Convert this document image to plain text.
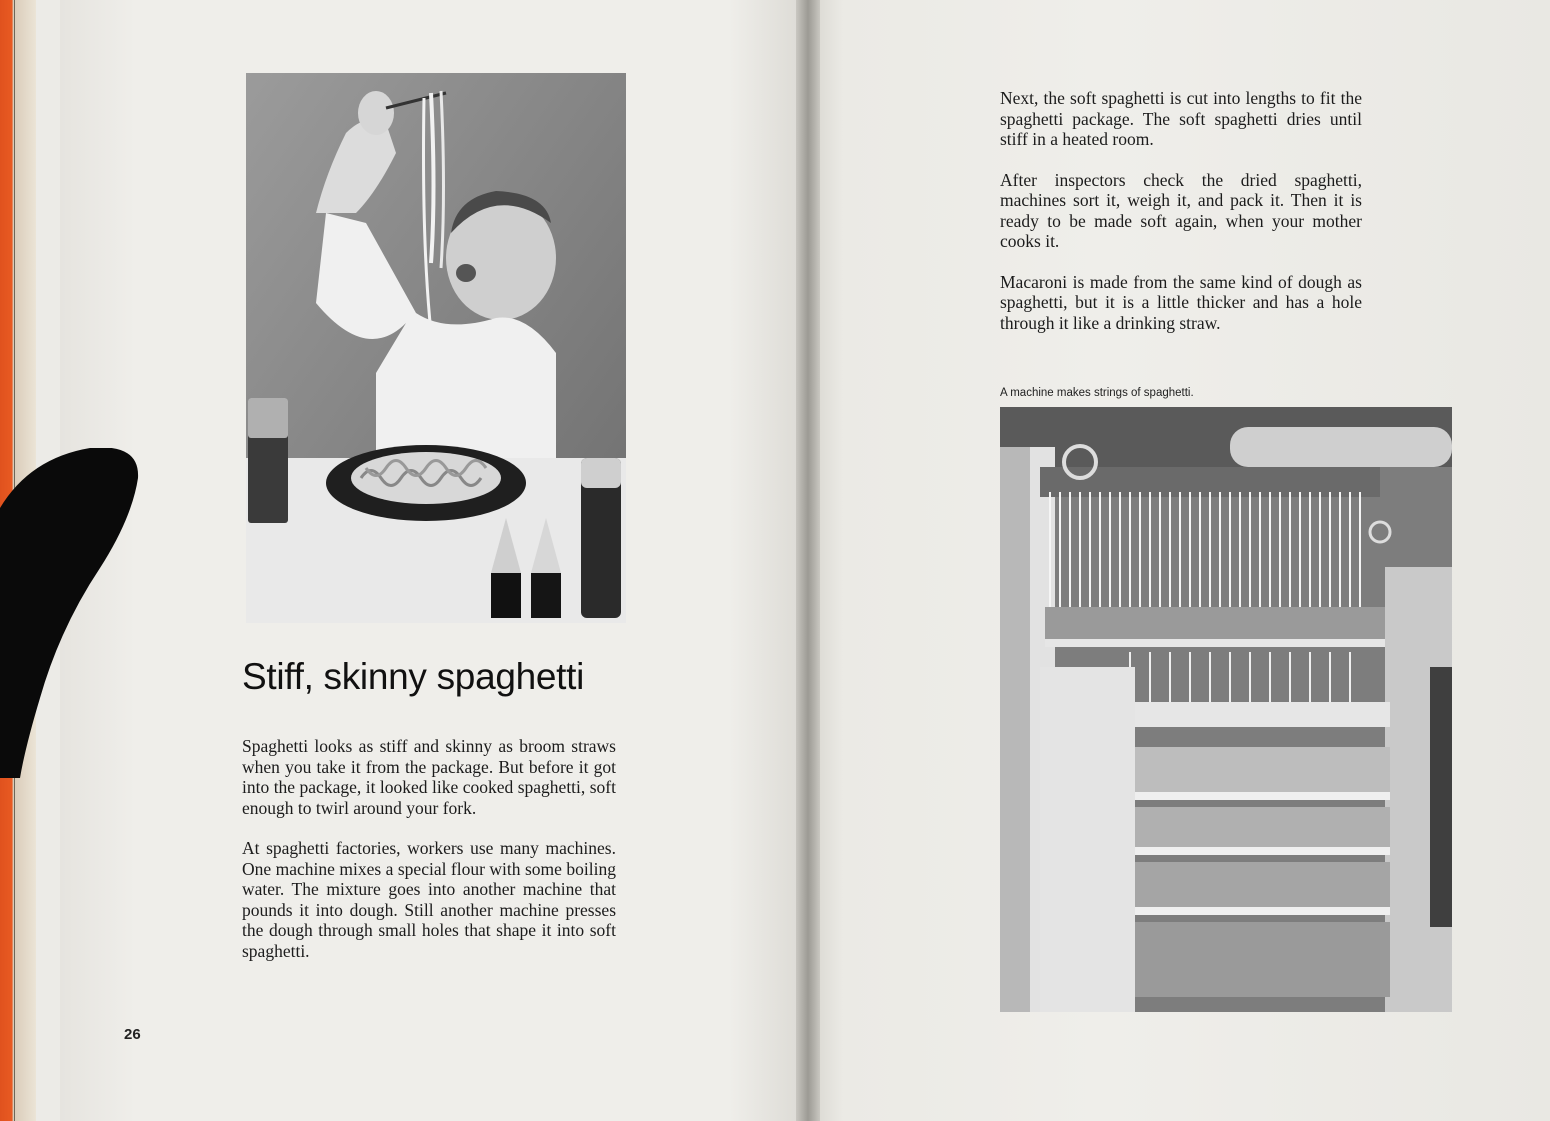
Stiff, skinny spaghetti

Spaghetti looks as stiff and skinny as broom straws when you take it from the package. But before it got into the package, it looked like cooked spaghetti, soft enough to twirl around your fork.

At spaghetti factories, workers use many machines. One machine mixes a special flour with some boiling water. The mixture goes into another machine that pounds it into dough. Still another machine presses the dough through small holes that shape it into soft spaghetti.

26

Next, the soft spaghetti is cut into lengths to fit the spaghetti package. The soft spaghetti dries until stiff in a heated room.

After inspectors check the dried spaghetti, machines sort it, weigh it, and pack it. Then it is ready to be made soft again, when your mother cooks it.

Macaroni is made from the same kind of dough as spaghetti, but it is a little thicker and has a hole through it like a drinking straw.

A machine makes strings of spaghetti.
